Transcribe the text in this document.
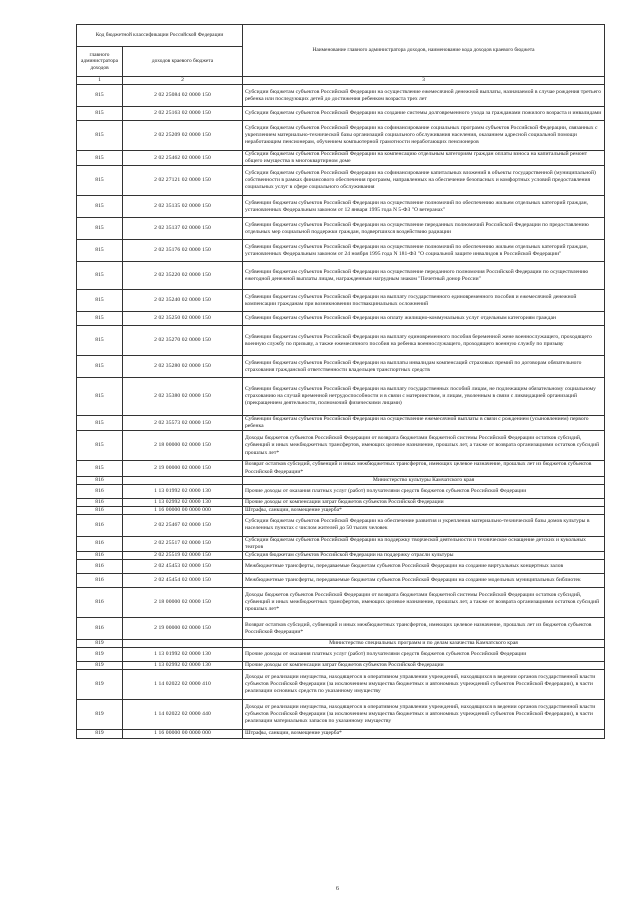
Код бюджетной классификации Российской Федерации		Наименование главного администратора доходов, наименование кода доходов краевого бюджета
главного администратора доходов	доходов краевого бюджета	
1	2	3
815	2 02 25084 02 0000 150	Субсидии бюджетам субъектов Российской Федерации на осуществление ежемесячной денежной выплаты, назначаемой в случае рождения третьего ребенка или последующих детей до достижения ребенком возраста трех лет
815	2 02 25163 02 0000 150	Субсидии бюджетам субъектов Российской Федерации на создание системы долговременного ухода за гражданами пожилого возраста и инвалидами
815	2 02 25209 02 0000 150	Субсидии бюджетам субъектов Российской Федерации на софинансирование социальных программ субъектов Российской Федерации, связанных с укреплением материально-технической базы организаций социального обслуживания населения, оказанием адресной социальной помощи неработающим пенсионерам, обучением компьютерной грамотности неработающих пенсионеров
815	2 02 25462 02 0000 150	Субсидии бюджетам субъектов Российской Федерации на компенсацию отдельным категориям граждан оплаты взноса на капитальный ремонт общего имущества в многоквартирном доме
815	2 02 27121 02 0000 150	Субсидии бюджетам субъектов Российской Федерации на софинансирование капитальных вложений в объекты государственной (муниципальной) собственности в рамках финансового обеспечения программ, направленных на обеспечение безопасных и комфортных условий предоставления социальных услуг в сфере социального обслуживания
815	2 02 35135 02 0000 150	Субвенции бюджетам субъектов Российской Федерации на осуществление полномочий по обеспечению жильем отдельных категорий граждан, установленных Федеральным законом от 12 января 1995 года N 5-ФЗ "О ветеранах"
815	2 02 35137 02 0000 150	Субвенции бюджетам субъектов Российской Федерации на осуществление переданных полномочий Российской Федерации по предоставлению отдельных мер социальной поддержки граждан, подвергшихся воздействию радиации
815	2 02 35176 02 0000 150	Субвенции бюджетам субъектов Российской Федерации на осуществление полномочий по обеспечению жильем отдельных категорий граждан, установленных Федеральным законом от 24 ноября 1995 года N 181-ФЗ "О социальной защите инвалидов в Российской Федерации"
815	2 02 35220 02 0000 150	Субвенции бюджетам субъектов Российской Федерации на осуществление переданного полномочия Российской Федерации по осуществлению ежегодной денежной выплаты лицам, награжденным нагрудным знаком "Почетный донор России"
815	2 02 35240 02 0000 150	Субвенции бюджетам субъектов Российской Федерации на выплату государственного единовременного пособия и ежемесячной денежной компенсации гражданам при возникновении поствакцинальных осложнений
815	2 02 35250 02 0000 150	Субвенции бюджетам субъектов Российской Федерации на оплату жилищно-коммунальных услуг отдельным категориям граждан
815	2 02 35270 02 0000 150	Субвенции бюджетам субъектов Российской Федерации на выплату единовременного пособия беременной жене военнослужащего, проходящего военную службу по призыву, а также ежемесячного пособия на ребенка военнослужащего, проходящего военную службу по призыву
815	2 02 35280 02 0000 150	Субвенции бюджетам субъектов Российской Федерации на выплаты инвалидам компенсаций страховых премий по договорам обязательного страхования гражданской ответственности владельцев транспортных средств
815	2 02 35380 02 0000 150	Субвенции бюджетам субъектов Российской Федерации на выплату государственных пособий лицам, не подлежащим обязательному социальному страхованию на случай временной нетрудоспособности и в связи с материнством, и лицам, уволенным в связи с ликвидацией организаций (прекращением деятельности, полномочий физическими лицами)
815	2 02 35573 02 0000 150	Субвенции бюджетам субъектов Российской Федерации на осуществление ежемесячной выплаты в связи с рождением (усыновлением) первого ребенка
815	2 18 00000 02 0000 150	Доходы бюджетов субъектов Российской Федерации от возврата бюджетами бюджетной системы Российской Федерации остатков субсидий, субвенций и иных межбюджетных трансфертов, имеющих целевое назначение, прошлых лет, а также от возврата организациями остатков субсидий прошлых лет*
815	2 19 00000 02 0000 150	Возврат остатков субсидий, субвенций и иных межбюджетных трансфертов, имеющих целевое назначение, прошлых лет из бюджетов субъектов Российской Федерации*
816		Министерство культуры Камчатского края
816	1 13 01992 02 0000 130	Прочие доходы от оказания платных услуг (работ) получателями средств бюджетов субъектов Российской Федерации
816	1 13 02992 02 0000 130	Прочие доходы от компенсации затрат бюджетов субъектов Российской Федерации
816	1 16 00000 00 0000 000	Штрафы, санкции, возмещение ущерба*
816	2 02 25467 02 0000 150	Субсидии бюджетам субъектов Российской Федерации на обеспечение развития и укрепления материально-технической базы домов культуры в населенных пунктах с числом жителей до 50 тысяч человек
816	2 02 25517 02 0000 150	Субсидии бюджетам субъектов Российской Федерации на поддержку творческой деятельности и техническое оснащение детских и кукольных театров
816	2 02 25519 02 0000 150	Субсидия бюджетам субъектов Российской Федерации на поддержку отрасли культуры
816	2 02 45453 02 0000 150	Межбюджетные трансферты, передаваемые бюджетам субъектов Российской Федерации на создание виртуальных концертных залов
816	2 02 45454 02 0000 150	Межбюджетные трансферты, передаваемые бюджетам субъектов Российской Федерации на создание модельных муниципальных библиотек
816	2 18 00000 02 0000 150	Доходы бюджетов субъектов Российской Федерации от возврата бюджетами бюджетной системы Российской Федерации остатков субсидий, субвенций и иных межбюджетных трансфертов, имеющих целевое назначение, прошлых лет, а также от возврата организациями остатков субсидий прошлых лет*
816	2 19 00000 02 0000 150	Возврат остатков субсидий, субвенций и иных межбюджетных трансфертов, имеющих целевое назначение, прошлых лет из бюджетов субъектов Российской Федерации*
819		Министерство специальных программ и по делам казачества Камчатского края
819	1 13 01992 02 0000 130	Прочие доходы от оказания платных услуг (работ) получателями средств бюджетов субъектов Российской Федерации
819	1 13 02992 02 0000 130	Прочие доходы от компенсации затрат бюджетов субъектов Российской Федерации
819	1 14 02022 02 0000 410	Доходы от реализации имущества, находящегося в оперативном управлении учреждений, находящихся в ведении органов государственной власти субъектов Российской Федерации (за исключением имущества бюджетных и автономных учреждений субъектов Российской Федерации), в части реализации основных средств по указанному имуществу
819	1 14 02022 02 0000 440	Доходы от реализации имущества, находящегося в оперативном управлении учреждений, находящихся в ведении органов государственной власти субъектов Российской Федерации (за исключением имущества бюджетных и автономных учреждений субъектов Российской Федерации), в части реализации материальных запасов по указанному имуществу
819	1 16 00000 00 0000 000	Штрафы, санкции, возмещение ущерба*
6
